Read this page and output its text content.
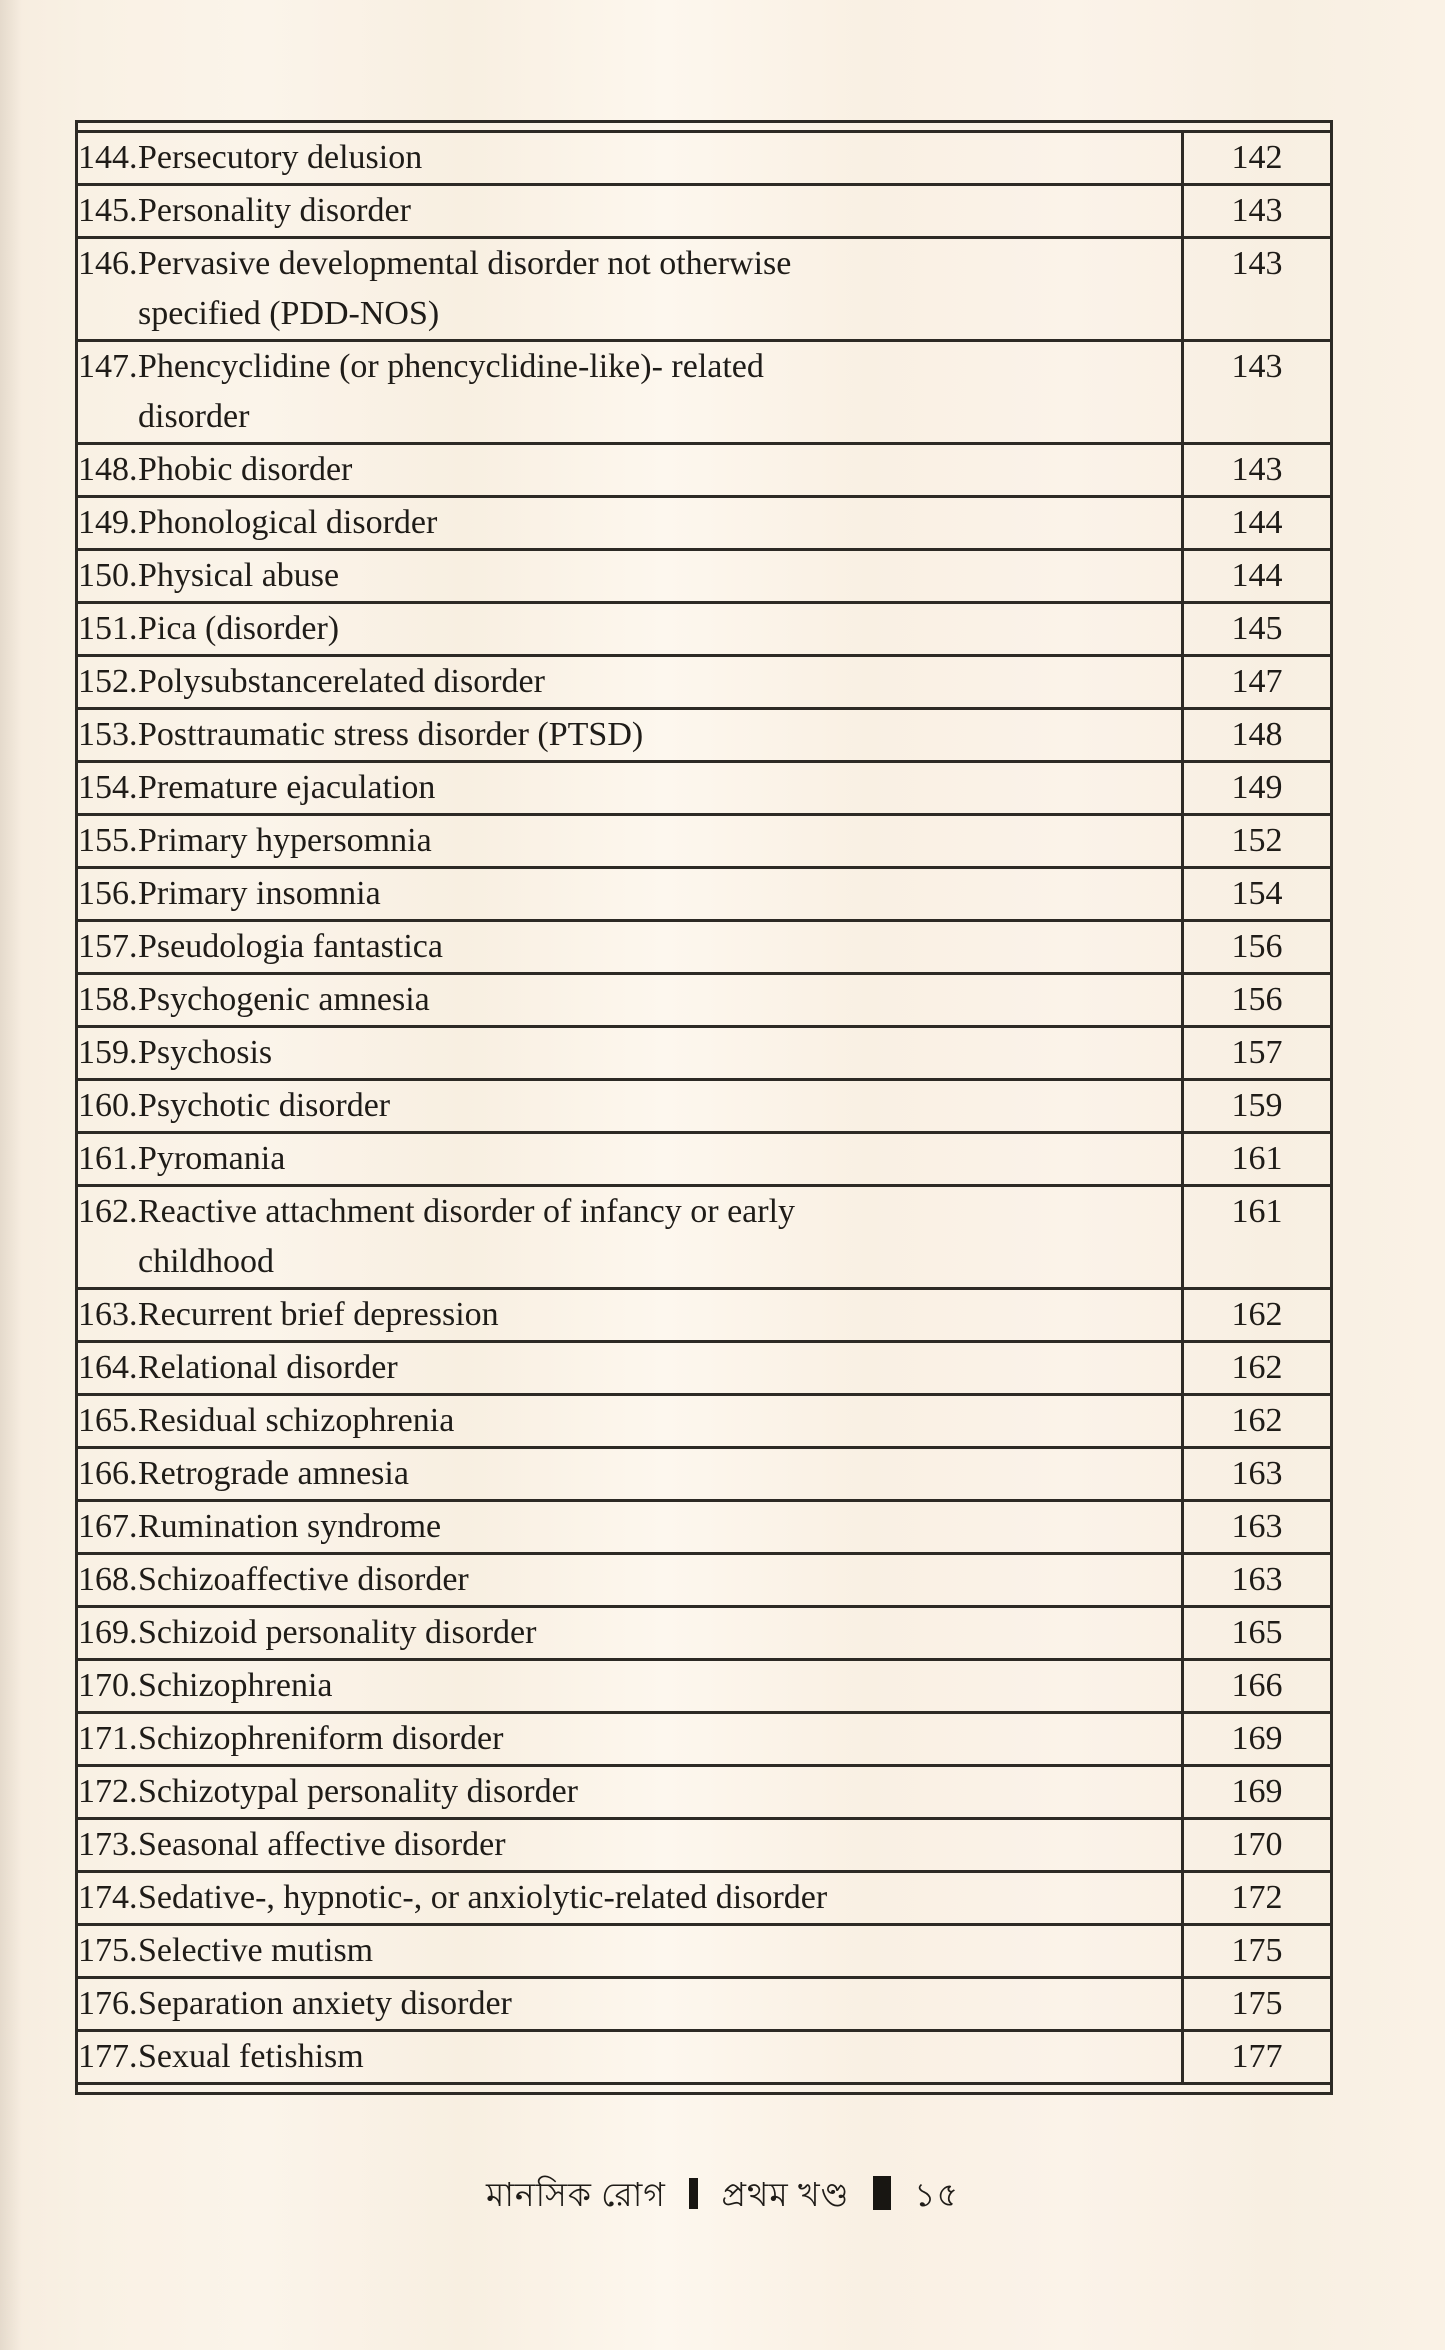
144. Persecutory delusion	142

145. Personality disorder	143

146. Pervasive developmental disorder not otherwise
specified (PDD-NOS)	143

147. Phencyclidine (or phencyclidine-like)- related
disorder	143

148. Phobic disorder	143

149. Phonological disorder	144

150. Physical abuse	144

151. Pica (disorder)	145

152. Polysubstancerelated disorder	147

153. Posttraumatic stress disorder (PTSD)	148

154. Premature ejaculation	149

155. Primary hypersomnia	152

156. Primary insomnia	154

157. Pseudologia fantastica	156

158. Psychogenic amnesia	156

159. Psychosis	157

160. Psychotic disorder	159

161. Pyromania	161

162. Reactive attachment disorder of infancy or early
childhood	161

163. Recurrent brief depression	162

164. Relational disorder	162

165. Residual schizophrenia	162

166. Retrograde amnesia	163

167. Rumination syndrome	163

168. Schizoaffective disorder	163

169. Schizoid personality disorder	165

170. Schizophrenia	166

171. Schizophreniform disorder	169

172. Schizotypal personality disorder	169

173. Seasonal affective disorder	170

174. Sedative-, hypnotic-, or anxiolytic-related disorder	172

175. Selective mutism	175

176. Separation anxiety disorder	175

177. Sexual fetishism	177
মানসিক রোগ প্রথম খণ্ড ১৫
